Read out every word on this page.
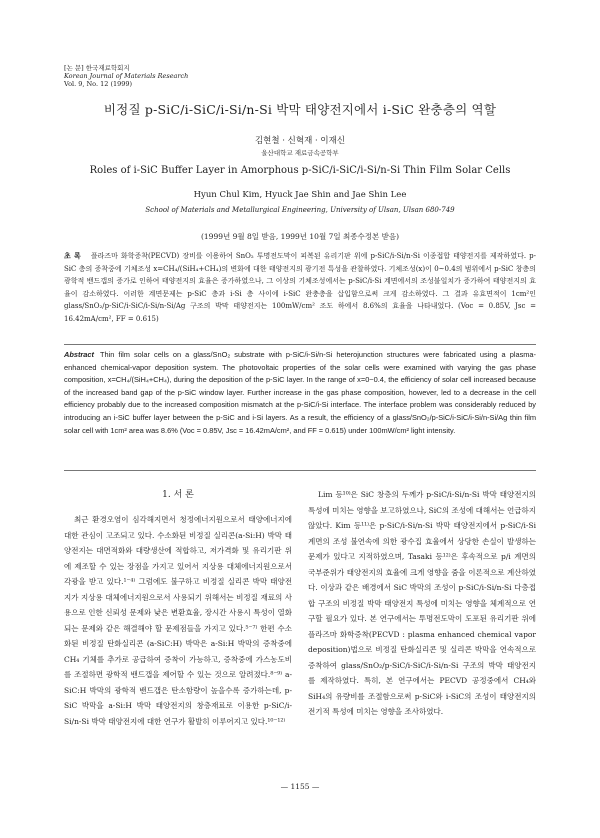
[논 문] 한국재료학회지
Korean Journal of Materials Research
Vol. 9, No. 12 (1999)
비정질 p-SiC/i-SiC/i-Si/n-Si 박막 태양전지에서 i-SiC 완충층의 역할
김현철 · 신혁재 · 이재신
울산대학교 재료금속공학부
Roles of i-SiC Buffer Layer in Amorphous p-SiC/i-SiC/i-Si/n-Si Thin Film Solar Cells
Hyun Chul Kim, Hyuck Jae Shin and Jae Shin Lee
School of Materials and Metallurgical Engineering, University of Ulsan, Ulsan 680-749
(1999년 9월 8일 받음, 1999년 10월 7일 최종수정본 받음)
초 록 플라즈마 화학증착(PECVD) 장비를 이용하여 SnO₂ 투명전도막이 피복된 유리기판 위에 p-SiC/i-Si/n-Si 이종접합 태양전지를 제작하였다. p-SiC 층의 증착중에 기체조성 x=CH₄/(SiH₄+CH₄)의 변화에 대한 태양전지의 광기전 특성을 관찰하였다. 기체조성(x)이 0~0.4의 범위에서 p-SiC 창층의 광학적 밴드갭의 증가로 인하여 태양전지의 효율은 증가하였으나, 그 이상의 기체조성에서는 p-SiC/i-Si 계면에서의 조성불일치가 증가하여 태양전지의 효율이 감소하였다. 이러한 계면문제는 p-SiC 층과 i-Si 층 사이에 i-SiC 완충층을 삽입함으로써 크게 감소하였다. 그 결과 유효면적이 1cm²인 glass/SnO₂/p-SiC/i-SiC/i-Si/n-Si/Ag 구조의 박막 태양전지는 100mW/cm² 조도 하에서 8.6%의 효율을 나타내었다. (Voc = 0.85V, Jsc = 16.42mA/cm², FF = 0.615)
Abstract Thin film solar cells on a glass/SnO₂ substrate with p-SiC/i-Si/n-Si heterojunction structures were fabricated using a plasma-enhanced chemical-vapor deposition system. The photovoltaic properties of the solar cells were examined with varying the gas phase composition, x=CH₄/(SiH₄+CH₄), during the deposition of the p-SiC layer. In the range of x=0~0.4, the efficiency of solar cell increased because of the increased band gap of the p-SiC window layer. Further increase in the gas phase composition, however, led to a decrease in the cell efficiency probably due to the increased composition mismatch at the p-SiC/i-Si interface. The interface problem was considerably reduced by introducing an i-SiC buffer layer between the p-SiC and i-Si layers. As a result, the efficiency of a glass/SnO₂/p-SiC/i-SiC/i-Si/n-Si/Ag thin film solar cell with 1cm² area was 8.6% (Voc = 0.85V, Jsc = 16.42mA/cm², and FF = 0.615) under 100mW/cm² light intensity.
1. 서 론

최근 환경오염이 심각해지면서 청정에너지원으로서 태양에너지에 대한 관심이 고조되고 있다. 수소화된 비정질 실리콘(a-Si:H) 박막 태양전지는 대면적화와 대량생산에 적합하고, 저가격화 및 유리기판 위에 제조할 수 있는 장점을 가지고 있어서 지상용 대체에너지원으로서 각광을 받고 있다.¹⁻⁴⁾ 그럼에도 불구하고 비정질 실리콘 박막 태양전지가 지상용 대체에너지원으로서 사용되기 위해서는 비정질 재료의 사용으로 인한 신뢰성 문제와 낮은 변환효율, 장시간 사용시 특성이 열화되는 문제와 같은 해결해야 할 문제점들을 가지고 있다.⁵⁻⁷⁾ 한편 수소화된 비정질 탄화실리콘 (a-SiC:H) 박막은 a-Si:H 박막의 증착중에 CH₄ 기체를 추가로 공급하여 증착이 가능하고, 증착중에 가스농도비를 조절하면 광학적 밴드갭을 제어할 수 있는 것으로 알려졌다.⁸⁻⁹⁾ a-SiC:H 박막의 광학적 밴드갭은 탄소함량이 높을수록 증가하는데, p-SiC 박막을 a-Si:H 박막 태양전지의 창층재료로 이용한 p-SiC/i-Si/n-Si 박막 태양전지에 대한 연구가 활발히 이루어지고 있다.¹⁰⁻¹²⁾

Lim 등¹⁰⁾은 SiC 창층의 두께가 p-SiC/i-Si/n-Si 박막 태양전지의 특성에 미치는 영향을 보고하였으나, SiC의 조성에 대해서는 언급하지 않았다. Kim 등¹¹⁾은 p-SiC/i-Si/n-Si 박막 태양전지에서 p-SiC/i-Si 계면의 조성 불연속에 의한 광수집 효율에서 상당한 손실이 발생하는 문제가 있다고 지적하였으며, Tasaki 등¹²⁾은 후속적으로 p/i 계면의 국부준위가 태양전지의 효율에 크게 영향을 줌을 이론적으로 계산하였다. 이상과 같은 배경에서 SiC 박막의 조성이 p-SiC/i-Si/n-Si 다층접합 구조의 비정질 박막 태양전지 특성에 미치는 영향을 체계적으로 연구할 필요가 있다. 본 연구에서는 투명전도막이 도포된 유리기판 위에 플라즈마 화학증착(PECVD : plasma enhanced chemical vapor deposition)법으로 비정질 탄화실리콘 및 실리콘 박막을 연속적으로 증착하여 glass/SnO₂/p-SiC/i-SiC/i-Si/n-Si 구조의 박막 태양전지를 제작하였다. 특히, 본 연구에서는 PECVD 공정중에서 CH₄와 SiH₄의 유량비를 조절함으로써 p-SiC와 i-SiC의 조성이 태양전지의 전기적 특성에 미치는 영향을 조사하였다.

— 1155 —
